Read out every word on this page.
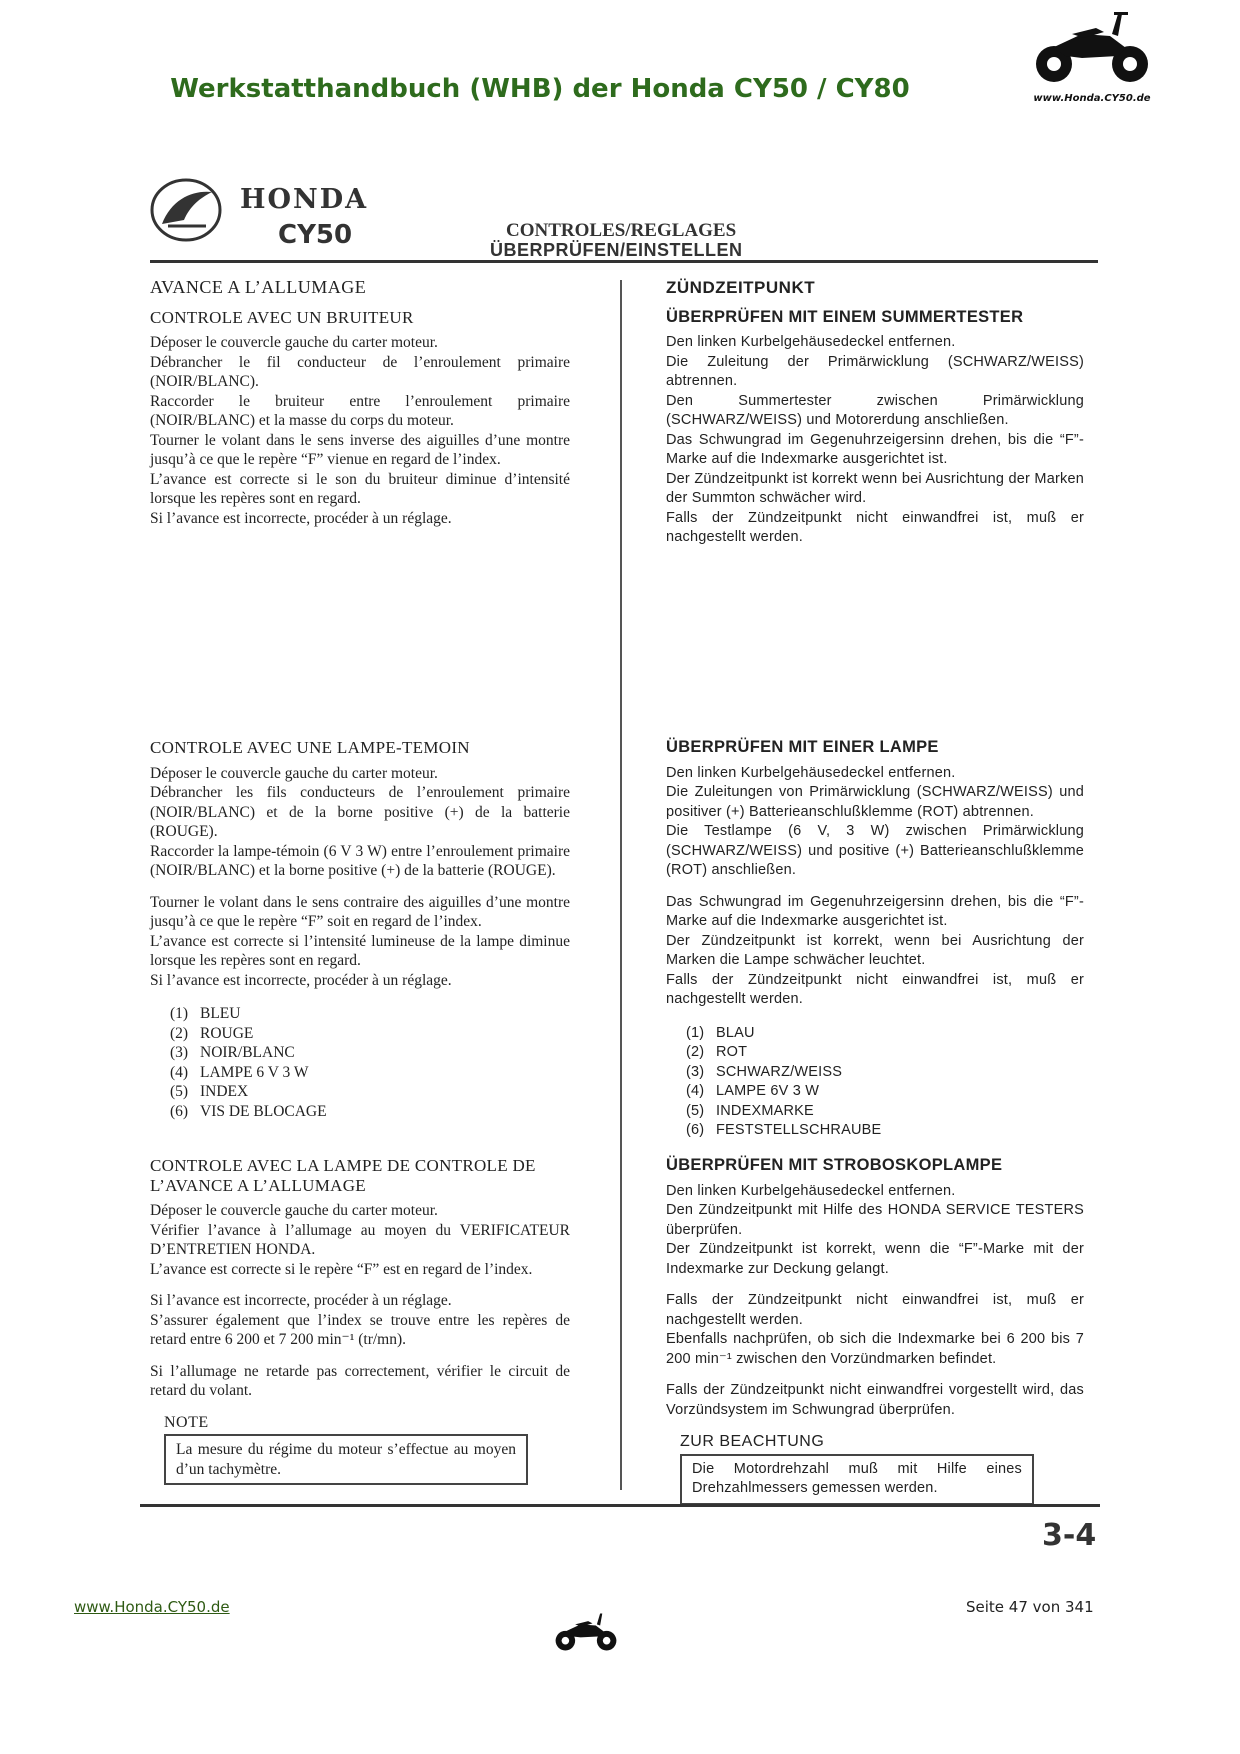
Werkstatthandbuch (WHB) der Honda CY50 / CY80	www.Honda.CY50.de
HONDA
CY50	CONTROLES/REGLAGES
ÜBERPRÜFEN/EINSTELLEN
AVANCE A L’ALLUMAGE
CONTROLE AVEC UN BRUITEUR

Déposer le couvercle gauche du carter moteur.

Débrancher le fil conducteur de l’enroulement primaire (NOIR/BLANC).

Raccorder le bruiteur entre l’enroulement primaire (NOIR/BLANC) et la masse du corps du moteur.

Tourner le volant dans le sens inverse des aiguilles d’une montre jusqu’à ce que le repère “F” vienue en regard de l’index.

L’avance est correcte si le son du bruiteur diminue d’intensité lorsque les repères sont en regard.

Si l’avance est incorrecte, procéder à un réglage.

CONTROLE AVEC UNE LAMPE-TEMOIN

Déposer le couvercle gauche du carter moteur.

Débrancher les fils conducteurs de l’enroulement primaire (NOIR/BLANC) et de la borne positive (+) de la batterie (ROUGE).

Raccorder la lampe-témoin (6 V 3 W) entre l’enroulement primaire (NOIR/BLANC) et la borne positive (+) de la batterie (ROUGE).

Tourner le volant dans le sens contraire des aiguilles d’une montre jusqu’à ce que le repère “F” soit en regard de l’index.

L’avance est correcte si l’intensité lumineuse de la lampe diminue lorsque les repères sont en regard.

Si l’avance est incorrecte, procéder à un réglage.

(1) BLEU
(2) ROUGE
(3) NOIR/BLANC
(4) LAMPE 6 V 3 W
(5) INDEX
(6) VIS DE BLOCAGE
CONTROLE AVEC LA LAMPE DE CONTROLE DE L’AVANCE A L’ALLUMAGE

Déposer le couvercle gauche du carter moteur.

Vérifier l’avance à l’allumage au moyen du VERIFICATEUR D’ENTRETIEN HONDA.

L’avance est correcte si le repère “F” est en regard de l’index.

Si l’avance est incorrecte, procéder à un réglage.

S’assurer également que l’index se trouve entre les repères de retard entre 6 200 et 7 200 min⁻¹ (tr/mn).

Si l’allumage ne retarde pas correctement, vérifier le circuit de retard du volant.

NOTE
La mesure du régime du moteur s’effectue au moyen d’un tachymètre.
ZÜNDZEITPUNKT
ÜBERPRÜFEN MIT EINEM SUMMERTESTER

Den linken Kurbelgehäusedeckel entfernen.

Die Zuleitung der Primärwicklung (SCHWARZ/WEISS) abtrennen.

Den Summertester zwischen Primärwicklung (SCHWARZ/WEISS) und Motorerdung anschließen.

Das Schwungrad im Gegenuhrzeigersinn drehen, bis die “F”-Marke auf die Indexmarke ausgerichtet ist.

Der Zündzeitpunkt ist korrekt wenn bei Ausrichtung der Marken der Summton schwächer wird.

Falls der Zündzeitpunkt nicht einwandfrei ist, muß er nachgestellt werden.

ÜBERPRÜFEN MIT EINER LAMPE

Den linken Kurbelgehäusedeckel entfernen.

Die Zuleitungen von Primärwicklung (SCHWARZ/WEISS) und positiver (+) Batterieanschlußklemme (ROT) abtrennen.

Die Testlampe (6 V, 3 W) zwischen Primärwicklung (SCHWARZ/WEISS) und positive (+) Batterieanschlußklemme (ROT) anschließen.

Das Schwungrad im Gegenuhrzeigersinn drehen, bis die “F”-Marke auf die Indexmarke ausgerichtet ist.

Der Zündzeitpunkt ist korrekt, wenn bei Ausrichtung der Marken die Lampe schwächer leuchtet.

Falls der Zündzeitpunkt nicht einwandfrei ist, muß er nachgestellt werden.

(1) BLAU
(2) ROT
(3) SCHWARZ/WEISS
(4) LAMPE 6V 3 W
(5) INDEXMARKE
(6) FESTSTELLSCHRAUBE
ÜBERPRÜFEN MIT STROBOSKOPLAMPE

Den linken Kurbelgehäusedeckel entfernen.

Den Zündzeitpunkt mit Hilfe des HONDA SERVICE TESTERS überprüfen.

Der Zündzeitpunkt ist korrekt, wenn die “F”-Marke mit der Indexmarke zur Deckung gelangt.

Falls der Zündzeitpunkt nicht einwandfrei ist, muß er nachgestellt werden.

Ebenfalls nachprüfen, ob sich die Indexmarke bei 6 200 bis 7 200 min⁻¹ zwischen den Vorzündmarken befindet.

Falls der Zündzeitpunkt nicht einwandfrei vorgestellt wird, das Vorzündsystem im Schwungrad überprüfen.

ZUR BEACHTUNG
Die Motordrehzahl muß mit Hilfe eines Drehzahlmessers gemessen werden.
3-4
www.Honda.CY50.de	Seite 47 von 341
